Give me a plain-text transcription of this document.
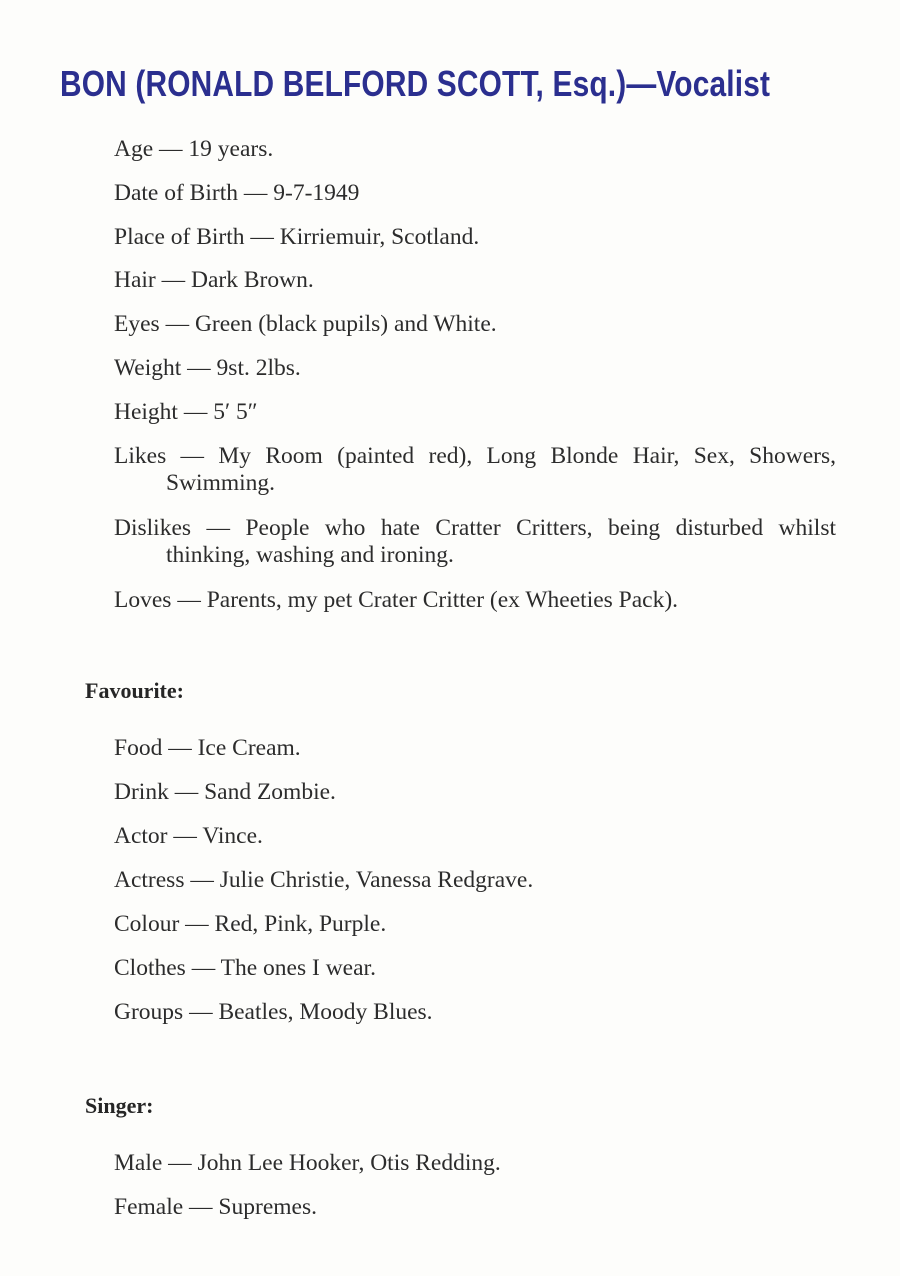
BON (RONALD BELFORD SCOTT, Esq.)—Vocalist
Age — 19 years.
Date of Birth — 9-7-1949
Place of Birth — Kirriemuir, Scotland.
Hair — Dark Brown.
Eyes — Green (black pupils) and White.
Weight — 9st. 2lbs.
Height — 5′ 5″
Likes — My Room (painted red), Long Blonde Hair, Sex, Showers, Swimming.
Dislikes — People who hate Cratter Critters, being disturbed whilst thinking, washing and ironing.
Loves — Parents, my pet Crater Critter (ex Wheeties Pack).
Favourite:
Food — Ice Cream.
Drink — Sand Zombie.
Actor — Vince.
Actress — Julie Christie, Vanessa Redgrave.
Colour — Red, Pink, Purple.
Clothes — The ones I wear.
Groups — Beatles, Moody Blues.
Singer:
Male — John Lee Hooker, Otis Redding.
Female — Supremes.
